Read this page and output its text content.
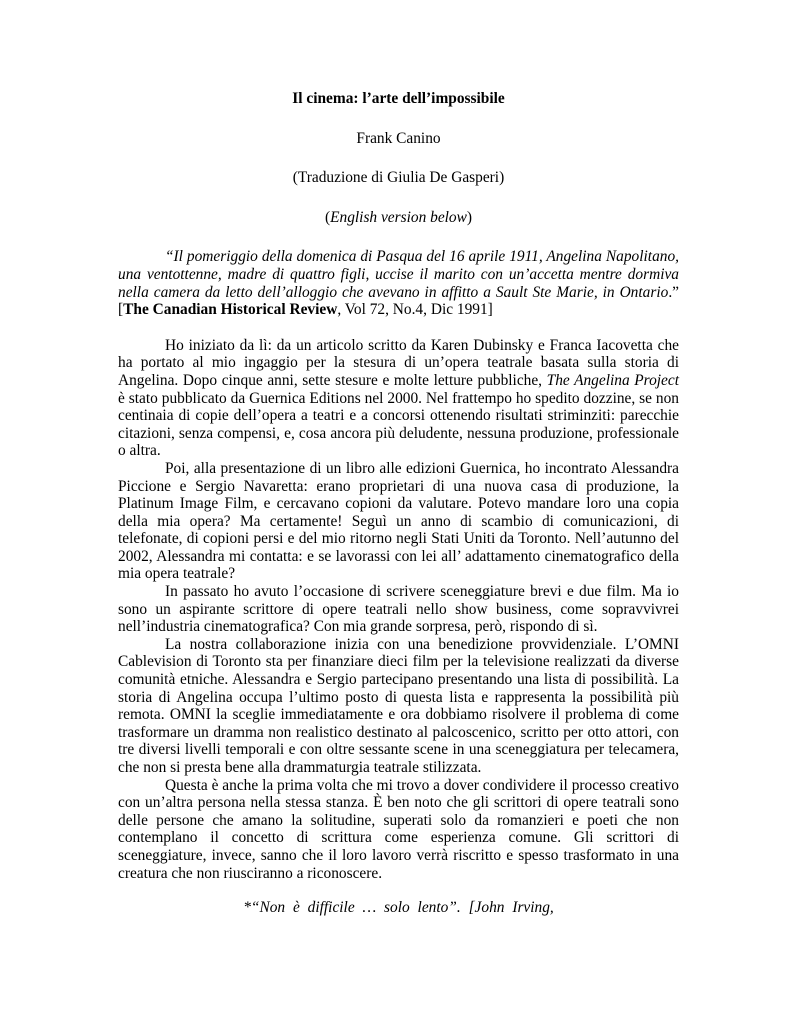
Il cinema: l’arte dell’impossibile
Frank Canino
(Traduzione di Giulia De Gasperi)
(English version below)

“Il pomeriggio della domenica di Pasqua del 16 aprile 1911, Angelina Napolitano, una ventottenne, madre di quattro figli, uccise il marito con un’accetta mentre dormiva nella camera da letto dell’alloggio che avevano in affitto a Sault Ste Marie, in Ontario.” [The Canadian Historical Review, Vol 72, No.4, Dic 1991]

Ho iniziato da lì: da un articolo scritto da Karen Dubinsky e Franca Iacovetta che ha portato al mio ingaggio per la stesura di un’opera teatrale basata sulla storia di Angelina. Dopo cinque anni, sette stesure e molte letture pubbliche, The Angelina Project è stato pubblicato da Guernica Editions nel 2000. Nel frattempo ho spedito dozzine, se non centinaia di copie dell’opera a teatri e a concorsi ottenendo risultati striminziti: parecchie citazioni, senza compensi, e, cosa ancora più deludente, nessuna produzione, professionale o altra.

Poi, alla presentazione di un libro alle edizioni Guernica, ho incontrato Alessandra Piccione e Sergio Navaretta: erano proprietari di una nuova casa di produzione, la Platinum Image Film, e cercavano copioni da valutare. Potevo mandare loro una copia della mia opera? Ma certamente! Seguì un anno di scambio di comunicazioni, di telefonate, di copioni persi e del mio ritorno negli Stati Uniti da Toronto. Nell’autunno del 2002, Alessandra mi contatta: e se lavorassi con lei all’ adattamento cinematografico della mia opera teatrale?

In passato ho avuto l’occasione di scrivere sceneggiature brevi e due film. Ma io sono un aspirante scrittore di opere teatrali nello show business, come sopravvivrei nell’industria cinematografica? Con mia grande sorpresa, però, rispondo di sì.

La nostra collaborazione inizia con una benedizione provvidenziale. L’OMNI Cablevision di Toronto sta per finanziare dieci film per la televisione realizzati da diverse comunità etniche. Alessandra e Sergio partecipano presentando una lista di possibilità. La storia di Angelina occupa l’ultimo posto di questa lista e rappresenta la possibilità più remota. OMNI la sceglie immediatamente e ora dobbiamo risolvere il problema di come trasformare un dramma non realistico destinato al palcoscenico, scritto per otto attori, con tre diversi livelli temporali e con oltre sessante scene in una sceneggiatura per telecamera, che non si presta bene alla drammaturgia teatrale stilizzata.

Questa è anche la prima volta che mi trovo a dover condividere il processo creativo con un’altra persona nella stessa stanza. È ben noto che gli scrittori di opere teatrali sono delle persone che amano la solitudine, superati solo da romanzieri e poeti che non contemplano il concetto di scrittura come esperienza comune. Gli scrittori di sceneggiature, invece, sanno che il loro lavoro verrà riscritto e spesso trasformato in una creatura che non riusciranno a riconoscere.

*“Non è difficile … solo lento”. [John Irving,
